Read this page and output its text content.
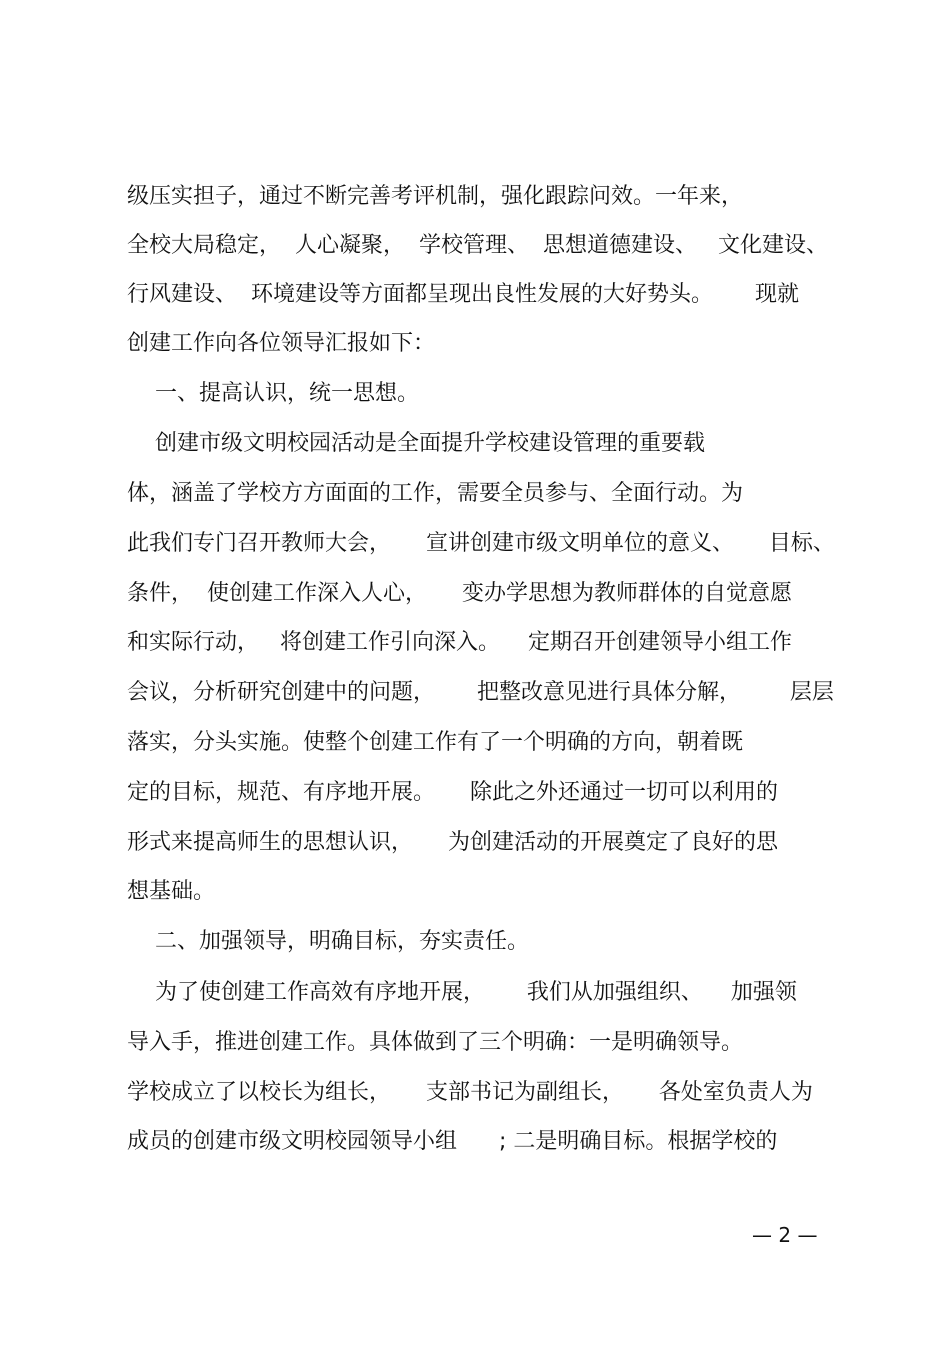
级压实担子，通过不断完善考评机制，强化跟踪问效。一年来，
全校大局稳定，  人心凝聚，  学校管理、  思想道德建设、   文化建设、
行风建设、  环境建设等方面都呈现出良性发展的大好势头。      现就
创建工作向各位领导汇报如下：
一、提高认识，统一思想。
创建市级文明校园活动是全面提升学校建设管理的重要载
体，涵盖了学校方方面面的工作，需要全员参与、全面行动。为
此我们专门召开教师大会，     宣讲创建市级文明单位的意义、     目标、
条件，  使创建工作深入人心，     变办学思想为教师群体的自觉意愿
和实际行动，   将创建工作引向深入。    定期召开创建领导小组工作
会议，分析研究创建中的问题，      把整改意见进行具体分解，       层层
落实，分头实施。使整个创建工作有了一个明确的方向，朝着既
定的目标，规范、有序地开展。     除此之外还通过一切可以利用的
形式来提高师生的思想认识，     为创建活动的开展奠定了良好的思
想基础。
二、加强领导，明确目标，夯实责任。
为了使创建工作高效有序地开展，      我们从加强组织、    加强领
导入手，推进创建工作。具体做到了三个明确：一是明确领导。
学校成立了以校长为组长，     支部书记为副组长，     各处室负责人为
成员的创建市级文明校园领导小组      ; 二是明确目标。根据学校的
— 2 —
